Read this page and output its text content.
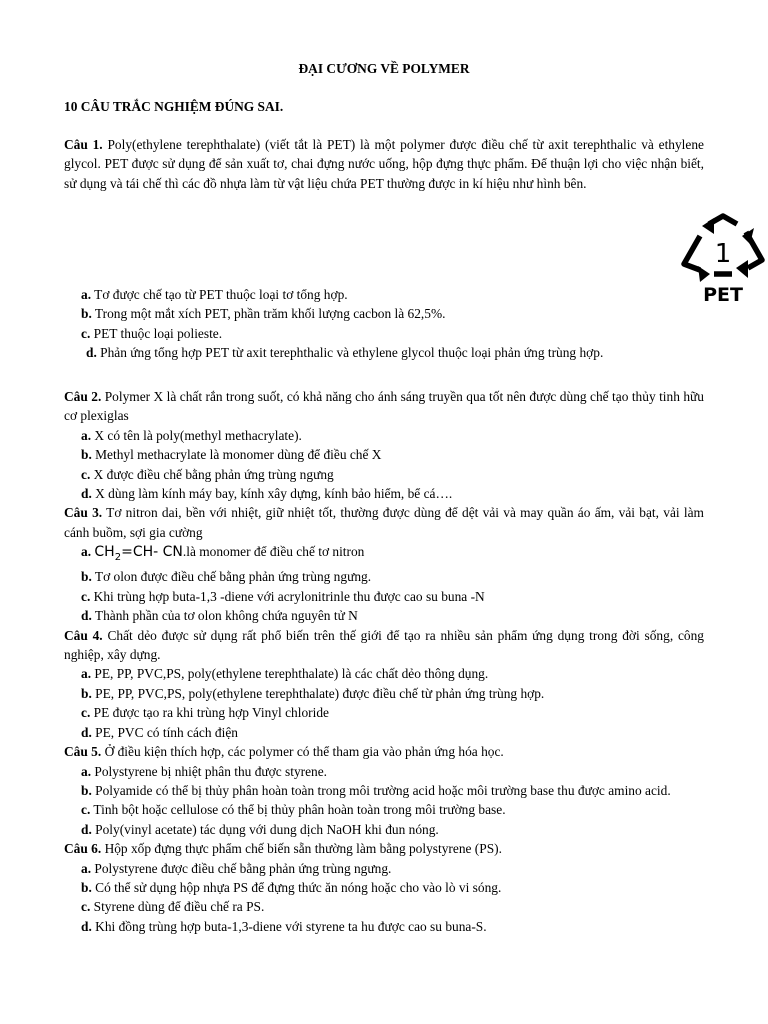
ĐẠI CƯƠNG VỀ POLYMER
10 CÂU TRẮC NGHIỆM ĐÚNG SAI.

Câu 1. Poly(ethylene terephthalate) (viết tắt là PET) là một polymer được điều chế từ axit terephthalic và ethylene glycol. PET được sử dụng để sản xuất tơ, chai đựng nước uống, hộp đựng thực phẩm. Để thuận lợi cho việc nhận biết, sử dụng và tái chế thì các đồ nhựa làm từ vật liệu chứa PET thường được in kí hiệu như hình bên.

1
PET

a. Tơ được chế tạo từ PET thuộc loại tơ tổng hợp.

b. Trong một mắt xích PET, phần trăm khối lượng cacbon là 62,5%.

c. PET thuộc loại polieste.

d. Phản ứng tổng hợp PET từ axit terephthalic và ethylene glycol thuộc loại phản ứng trùng hợp.

Câu 2. Polymer X là chất rắn trong suốt, có khả năng cho ánh sáng truyền qua tốt nên được dùng chế tạo thủy tinh hữu cơ plexiglas

a. X có tên là poly(methyl methacrylate).

b. Methyl methacrylate là monomer dùng để điều chế X

c. X được điều chế bằng phản ứng trùng ngưng

d. X dùng làm kính máy bay, kính xây dựng, kính bảo hiểm, bể cá….

Câu 3. Tơ nitron dai, bền với nhiệt, giữ nhiệt tốt, thường được dùng để dệt vải và may quần áo ấm, vải bạt, vải làm cánh buồm, sợi gia cường

a. $CH_2=CH-$ CN.là monomer để điều chế tơ nitron

b. Tơ olon được điều chế bằng phản ứng trùng ngưng.

c. Khi trùng hợp buta-1,3 -diene với acrylonitrinle thu được cao su buna -N

d. Thành phần của tơ olon không chứa nguyên tử N

Câu 4. Chất dẻo được sử dụng rất phổ biến trên thế giới để tạo ra nhiều sản phẩm ứng dụng trong đời sống, công nghiệp, xây dựng.

a. PE, PP, PVC,PS, poly(ethylene terephthalate) là các chất dẻo thông dụng.

b. PE, PP, PVC,PS, poly(ethylene terephthalate) được điều chế từ phản ứng trùng hợp.

c. PE được tạo ra khi trùng hợp Vinyl chloride

d. PE, PVC có tính cách điện

Câu 5. Ở điều kiện thích hợp, các polymer có thể tham gia vào phản ứng hóa học.

a. Polystyrene bị nhiệt phân thu được styrene.

b. Polyamide có thể bị thủy phân hoàn toàn trong môi trường acid hoặc môi trường base thu được amino acid.

c. Tinh bột hoặc cellulose có thể bị thủy phân hoàn toàn trong môi trường base.

d. Poly(vinyl acetate) tác dụng với dung dịch NaOH khi đun nóng.

Câu 6. Hộp xốp đựng thực phẩm chế biến sẵn thường làm bằng polystyrene (PS).

a. Polystyrene được điều chế bằng phản ứng trùng ngưng.

b. Có thể sử dụng hộp nhựa PS để đựng thức ăn nóng hoặc cho vào lò vi sóng.

c. Styrene dùng để điều chế ra PS.

d. Khi đồng trùng hợp buta-1,3-diene với styrene ta hu được cao su buna-S.
